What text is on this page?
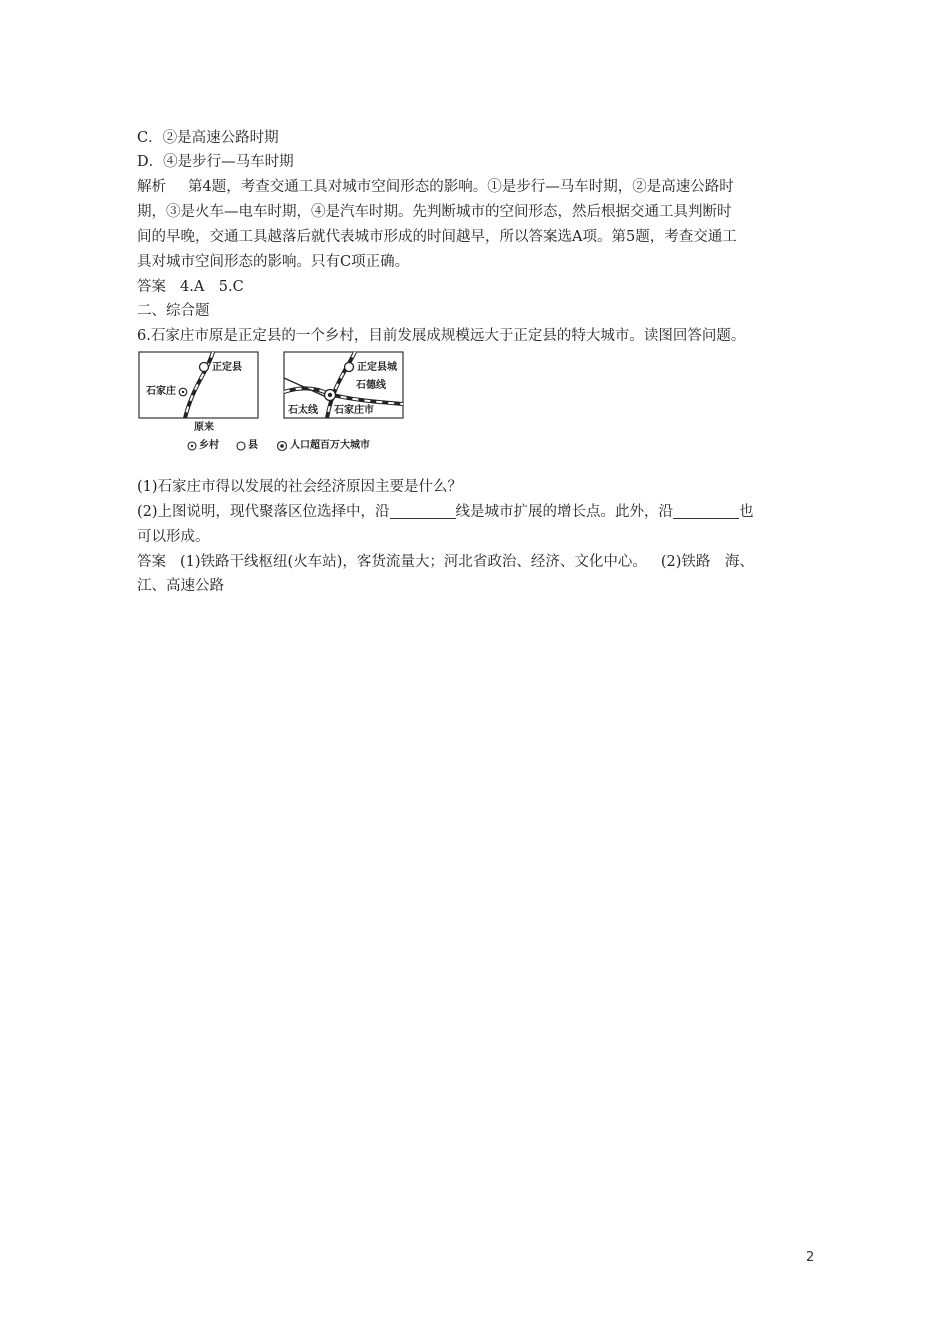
C．②是高速公路时期
D．④是步行—马车时期
解析 第4题，考查交通工具对城市空间形态的影响。①是步行—马车时期，②是高速公路时
期，③是火车—电车时期，④是汽车时期。先判断城市的空间形态，然后根据交通工具判断时
间的早晚，交通工具越落后就代表城市形成的时间越早，所以答案选A项。第5题，考查交通工
具对城市空间形态的影响。只有C项正确。
答案 4.A　5.C
二、综合题
6.石家庄市原是正定县的一个乡村，目前发展成规模远大于正定县的特大城市。读图回答问题。
正定县
石家庄
原来
正定县城
石德线
石太线 石家庄市
乡村	县	人口超百万大城市
(1)石家庄市得以发展的社会经济原因主要是什么？
(2)上图说明，现代聚落区位选择中，沿	线是城市扩展的增长点。此外，沿	也
可以形成。
答案 (1)铁路干线枢纽(火车站)，客货流量大；河北省政治、经济、文化中心。 (2)铁路　海、
江、高速公路
2
